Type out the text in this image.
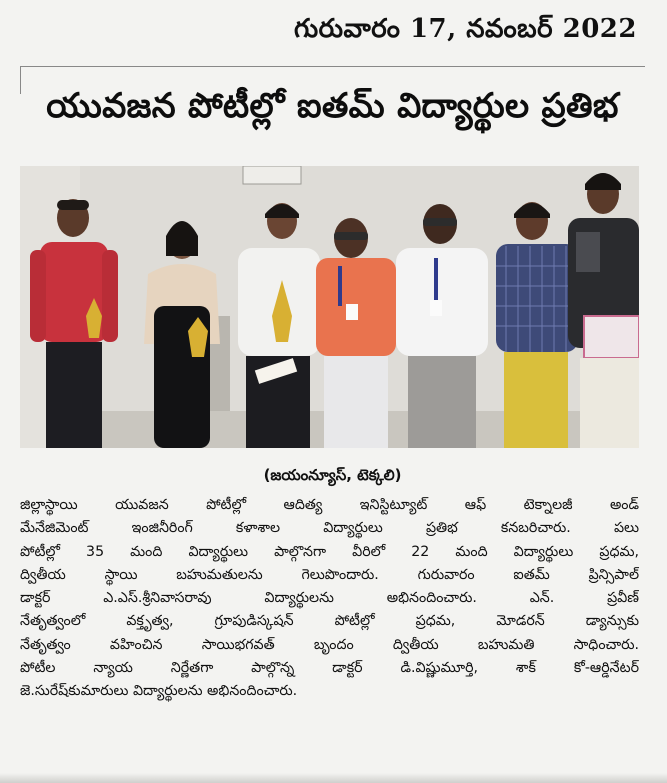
గురువారం 17, నవంబర్ 2022
యువజన పోటీల్లో ఐతమ్ విద్యార్థుల ప్రతిభ
(జయంన్యూస్, టెక్కలి)
జిల్లాస్థాయి యువజన పోటీల్లో ఆదిత్య ఇనిస్టిట్యూట్ ఆఫ్ టెక్నాలజీ అండ్
మేనేజిమెంట్ ఇంజినీరింగ్ కళాశాల విద్యార్థులు ప్రతిభ కనబరిచారు. పలు
పోటీల్లో 35 మంది విద్యార్థులు పాల్గొనగా వీరిలో 22 మంది విద్యార్థులు ప్రధమ,
ద్వితీయ స్థాయి బహుమతులను గెలుపొందారు. గురువారం ఐతమ్ ప్రిన్సిపాల్
డాక్టర్ ఎ.ఎస్.శ్రీనివాసరావు విద్యార్థులను అభినందించారు. ఎన్. ప్రవీణ్
నేతృత్వంలో వక్తృత్వ, గ్రూపుడిస్కషన్ పోటీల్లో ప్రధమ, మోడరన్ డ్యాన్సుకు
నేతృత్వం వహించిన సాయిభగవత్ బృందం ద్వితీయ బహుమతి సాధించారు.
పోటీల న్యాయ నిర్ణేతగా పాల్గొన్న డాక్టర్ డి.విష్ణుమూర్తి, శాక్ కో-ఆర్డినేటర్
జె.సురేష్‌కుమారులు విద్యార్థులను అభినందించారు.
